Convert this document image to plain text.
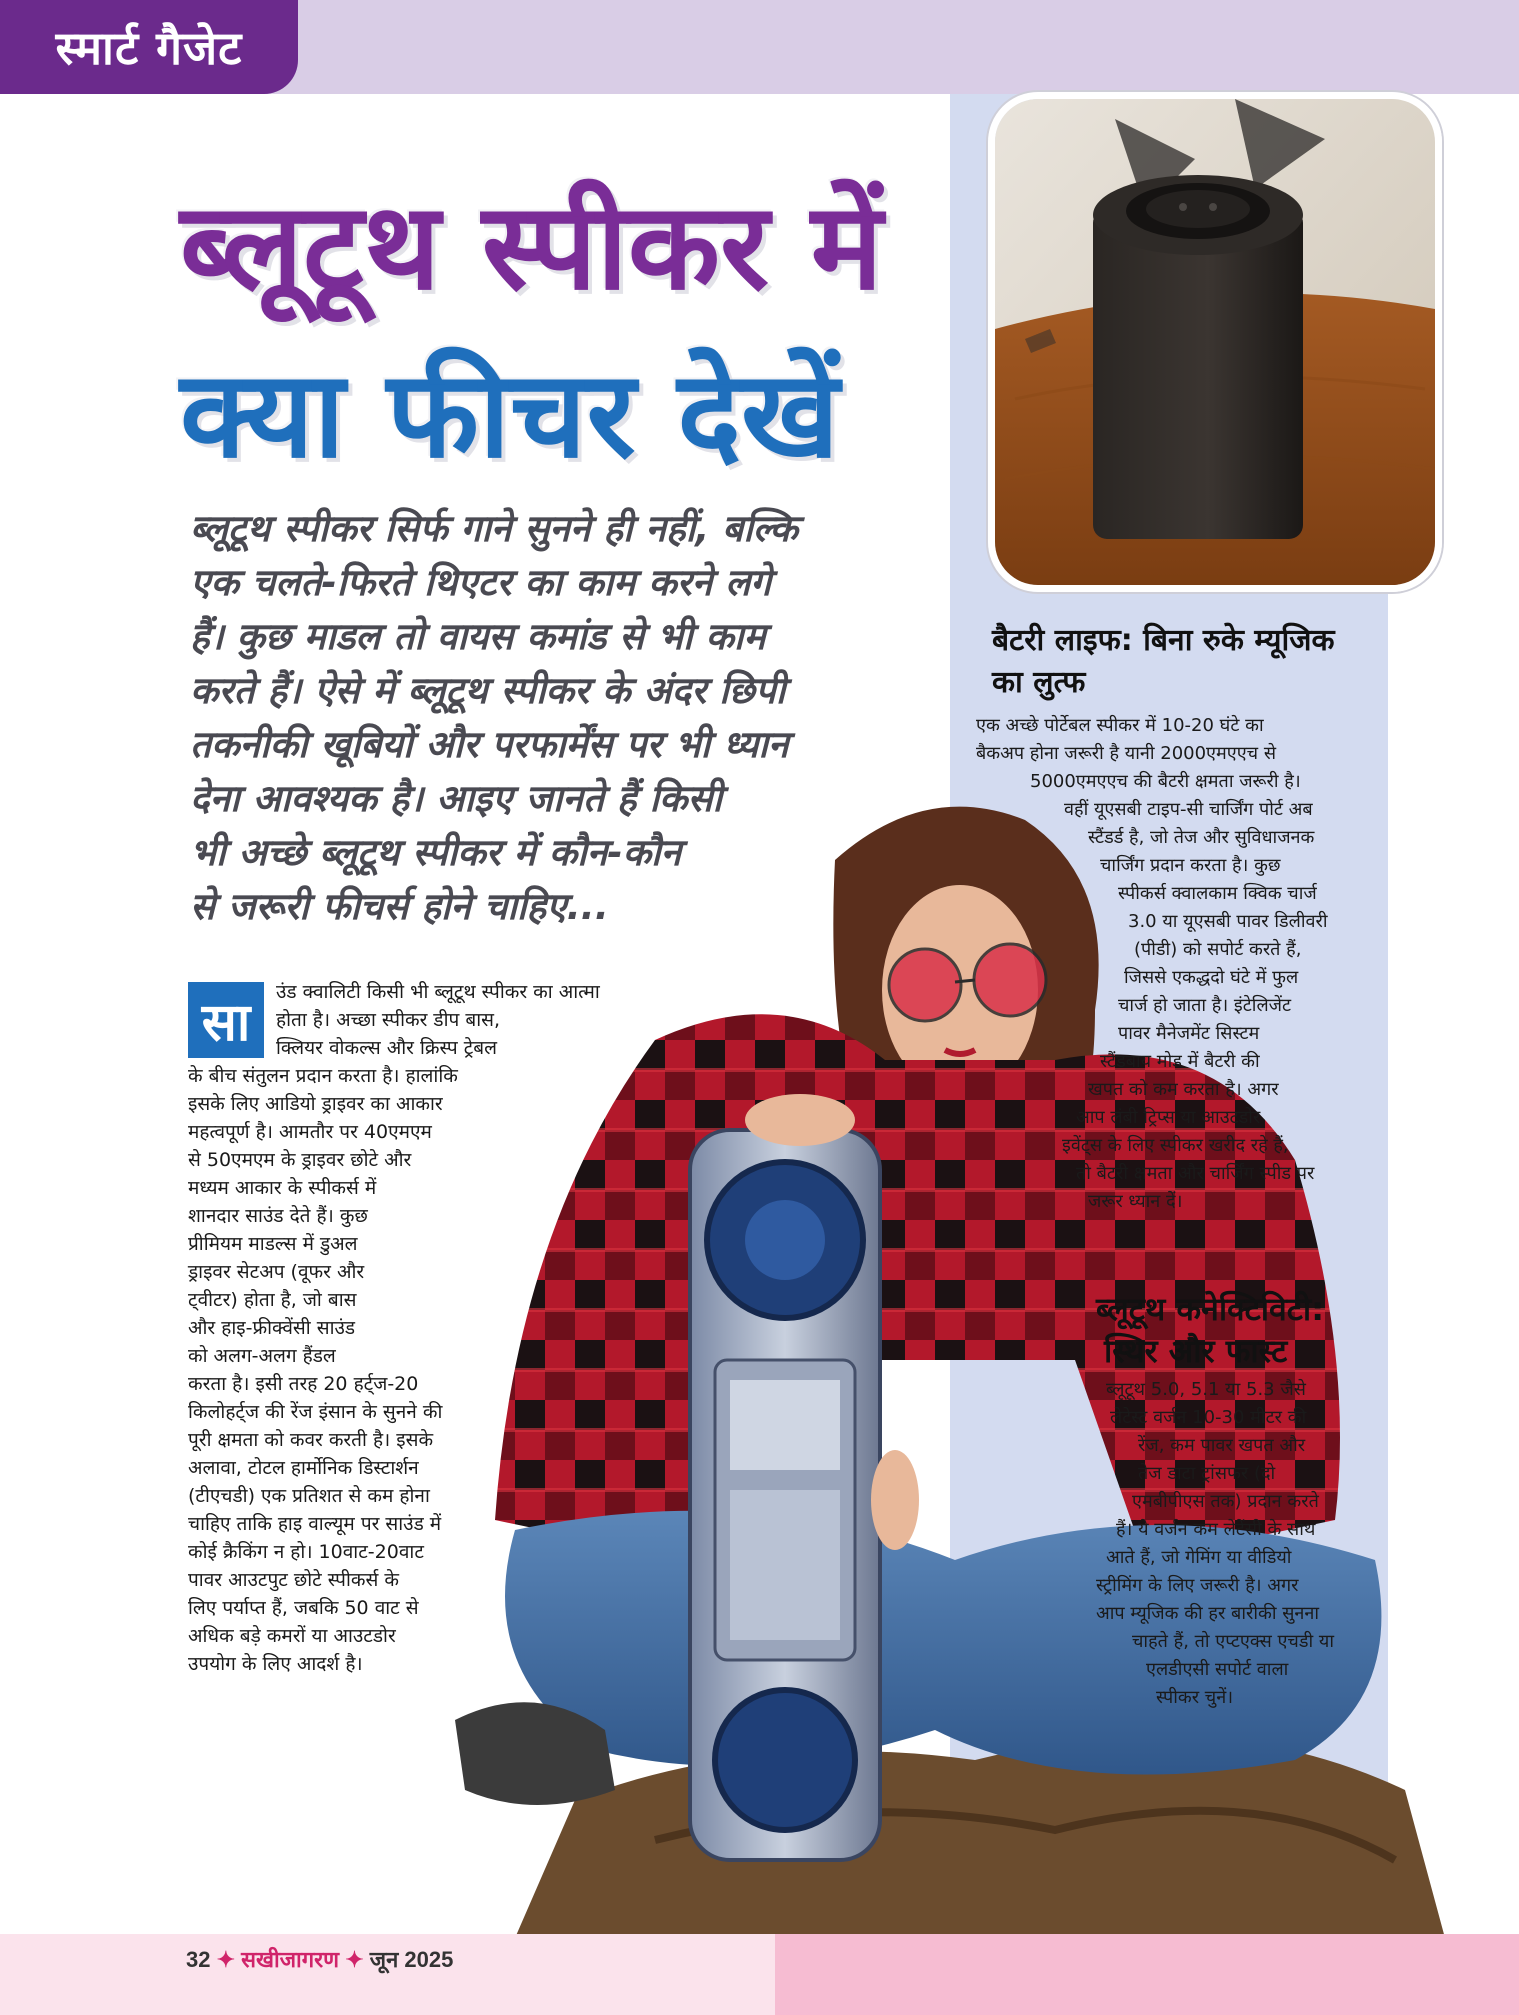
स्मार्ट गैजेट
ब्लूटूथ स्पीकर में
क्या फीचर देखें
ब्लूटूथ स्पीकर सिर्फ गाने सुनने ही नहीं, बल्कि
एक चलते-फिरते थिएटर का काम करने लगे
हैं। कुछ माडल तो वायस कमांड से भी काम
करते हैं। ऐसे में ब्लूटूथ स्पीकर के अंदर छिपी
तकनीकी खूबियों और परफार्मेंस पर भी ध्यान
देना आवश्यक है। आइए जानते हैं किसी
भी अच्छे ब्लूटूथ स्पीकर में कौन-कौन
से जरूरी फीचर्स होने चाहिए...
सा
उंड क्वालिटी किसी भी ब्लूटूथ स्पीकर का आत्मा
होता है। अच्छा स्पीकर डीप बास,
क्लियर वोकल्स और क्रिस्प ट्रेबल
के बीच संतुलन प्रदान करता है। हालांकि
इसके लिए आडियो ड्राइवर का आकार
महत्वपूर्ण है। आमतौर पर 40एमएम
से 50एमएम के ड्राइवर छोटे और
मध्यम आकार के स्पीकर्स में
शानदार साउंड देते हैं। कुछ
प्रीमियम माडल्स में डुअल
ड्राइवर सेटअप (वूफर और
ट्वीटर) होता है, जो बास
और हाइ-फ्रीक्वेंसी साउंड
को अलग-अलग हैंडल
करता है। इसी तरह 20 हर्ट्ज-20
किलोहर्ट्ज की रेंज इंसान के सुनने की
पूरी क्षमता को कवर करती है। इसके
अलावा, टोटल हार्मोनिक डिस्टार्शन
(टीएचडी) एक प्रतिशत से कम होना
चाहिए ताकि हाइ वाल्यूम पर साउंड में
कोई क्रैकिंग न हो। 10वाट-20वाट
पावर आउटपुट छोटे स्पीकर्स के
लिए पर्याप्त हैं, जबकि 50 वाट से
अधिक बड़े कमरों या आउटडोर
उपयोग के लिए आदर्श है।
बैटरी लाइफ: बिना रुके म्यूजिक
का लुत्फ
एक अच्छे पोर्टेबल स्पीकर में 10-20 घंटे का
बैकअप होना जरूरी है यानी 2000एमएएच से
5000एमएएच की बैटरी क्षमता जरूरी है।
वहीं यूएसबी टाइप-सी चार्जिंग पोर्ट अब
स्टैंडर्ड है, जो तेज और सुविधाजनक
चार्जिंग प्रदान करता है। कुछ
स्पीकर्स क्वालकाम क्विक चार्ज
3.0 या यूएसबी पावर डिलीवरी
(पीडी) को सपोर्ट करते हैं,
जिससे एकद्धदो घंटे में फुल
चार्ज हो जाता है। इंटेलिजेंट
पावर मैनेजमेंट सिस्टम
स्टैंडबाय मोड में बैटरी की
खपत को कम करता है। अगर
आप लंबी ट्रिप्स या आउटडोर
इवेंट्स के लिए स्पीकर खरीद रहे हैं,
तो बैटरी क्षमता और चार्जिंग स्पीड पर
जरूर ध्यान दें।
ब्लूटूथ कनेक्टिविटी:
स्थिर और फास्ट
ब्लूटूथ 5.0, 5.1 या 5.3 जैसे
लेटेस्ट वर्जन 10-30 मीटर की
रेंज, कम पावर खपत और
तेज डाटा ट्रांसफर (दो
एमबीपीएस तक) प्रदान करते
हैं। ये वर्जन कम लेटेंसी के साथ
आते हैं, जो गेमिंग या वीडियो
स्ट्रीमिंग के लिए जरूरी है। अगर
आप म्यूजिक की हर बारीकी सुनना
चाहते हैं, तो एप्टएक्स एचडी या
एलडीएसी सपोर्ट वाला
स्पीकर चुनें।
32 ✦ सखीजागरण ✦ जून 2025
